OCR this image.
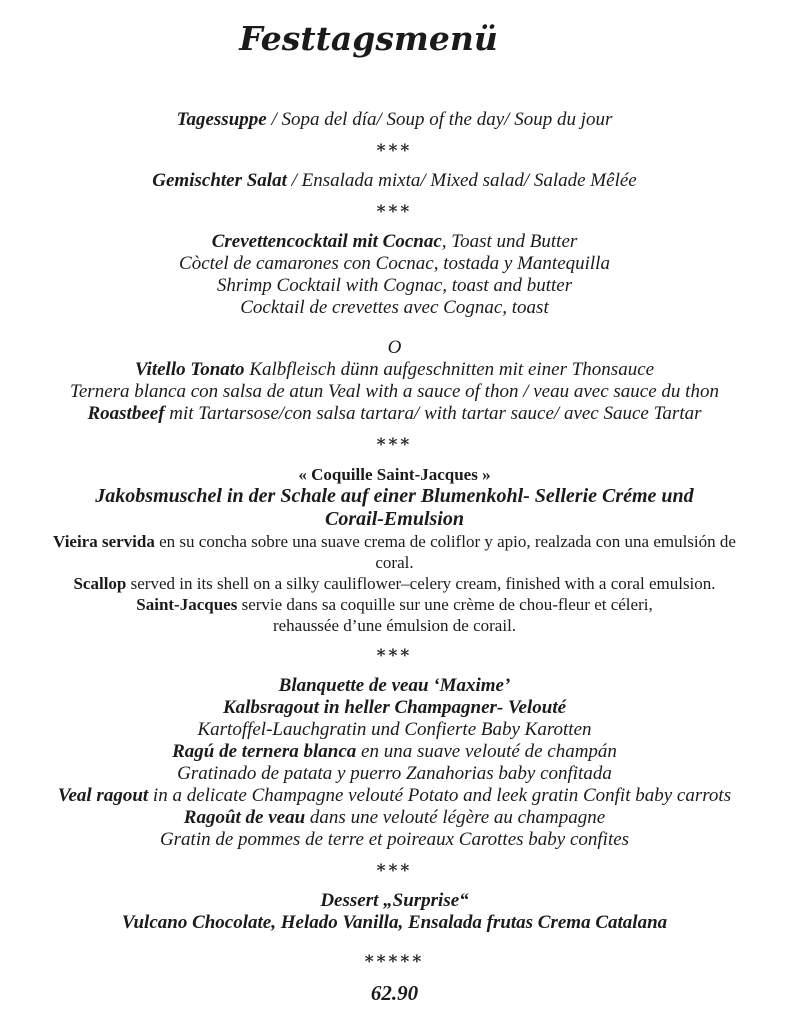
Festtagsmenü
Tagessuppe / Sopa del día/ Soup of the day/ Soup du jour
***
Gemischter Salat / Ensalada mixta/ Mixed salad/ Salade Mêlée
***
Crevettencocktail mit Cocnac, Toast und Butter
Còctel de camarones con Cocnac, tostada y Mantequilla
Shrimp Cocktail with Cognac, toast and butter
Cocktail de crevettes avec Cognac, toast
O
Vitello Tonato Kalbfleisch dünn aufgeschnitten mit einer Thonsauce
Ternera blanca con salsa de atun Veal with a sauce of thon / veau avec sauce du thon
Roastbeef mit Tartarsose/con salsa tartara/ with tartar sauce/ avec Sauce Tartar
***
« Coquille Saint-Jacques »
Jakobsmuschel in der Schale auf einer Blumenkohl- Sellerie Créme und
Corail-Emulsion
Vieira servida en su concha sobre una suave crema de coliflor y apio, realzada con una emulsión de
coral.
Scallop served in its shell on a silky cauliflower–celery cream, finished with a coral emulsion.
Saint-Jacques servie dans sa coquille sur une crème de chou-fleur et céleri,
rehaussée d’une émulsion de corail.
***
Blanquette de veau ‘Maxime’
Kalbsragout in heller Champagner- Velouté
Kartoffel-Lauchgratin und Confierte Baby Karotten
Ragú de ternera blanca en una suave velouté de champán
Gratinado de patata y puerro Zanahorias baby confitada
Veal ragout in a delicate Champagne velouté Potato and leek gratin Confit baby carrots
Ragoût de veau dans une velouté légère au champagne
Gratin de pommes de terre et poireaux Carottes baby confites
***
Dessert „Surprise“
Vulcano Chocolate, Helado Vanilla, Ensalada frutas Crema Catalana
*****
62.90
